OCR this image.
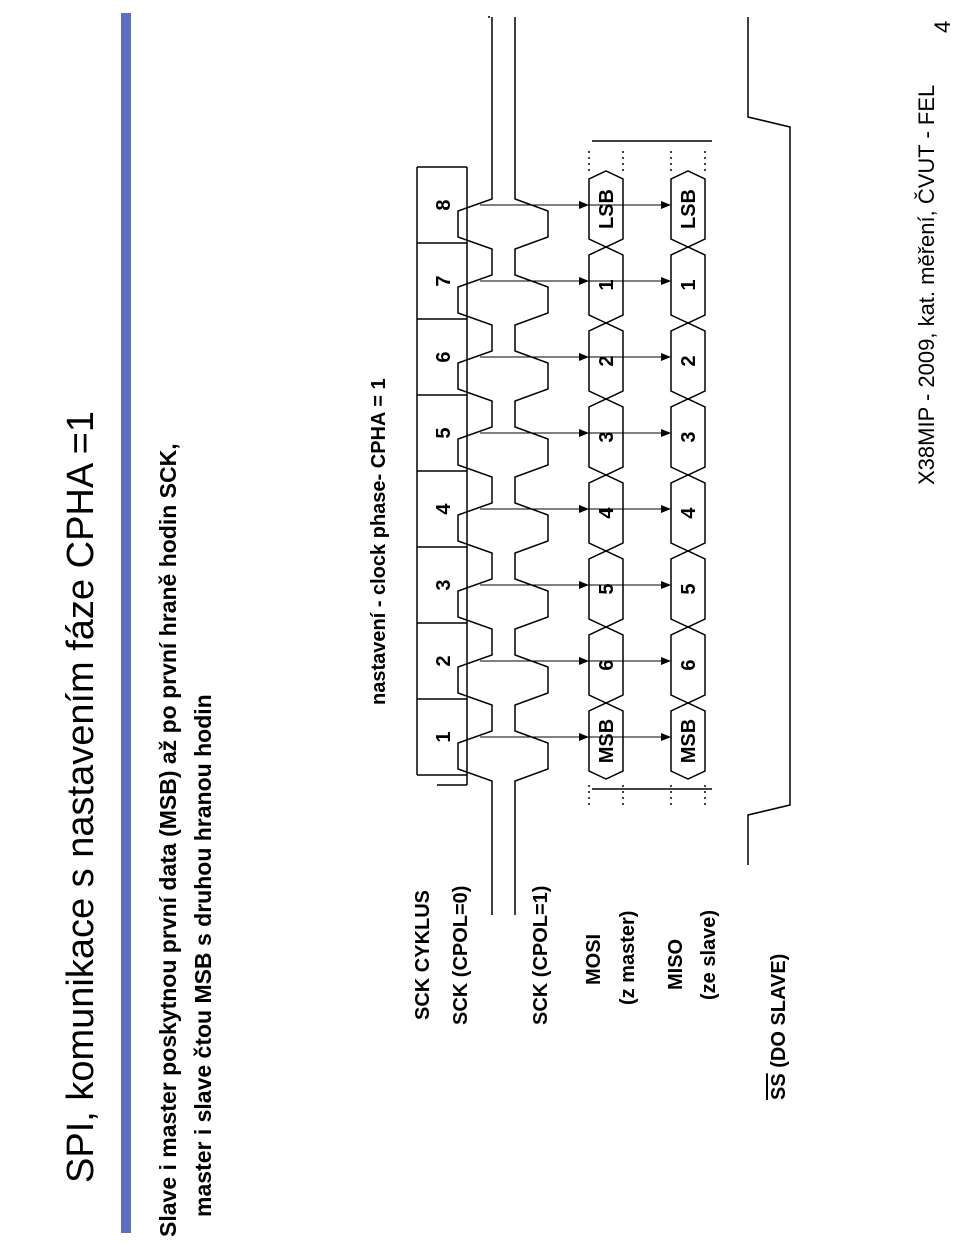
SPI, komunikace s nastavením fáze CPHA =1
X38MIP - 2009, kat. měření, ČVUT - FEL
4
Slave i master poskytnou první data (MSB) až po první hraně hodin SCK, master i slave čtou MSB s druhou hranou hodin
nastavení - clock phase- CPHA = 1
SCK CYKLUS SCK (CPOL=0)	SCK (CPOL=1) MOSI (z master) MISO (ze slave)
$\overline{SS}$ (DO SLAVE)
1
2
3
4
5
6
7
8
MSB
6
5
4
3
2
1
LSB
MSB
6
5
4
3
2
1
LSB
